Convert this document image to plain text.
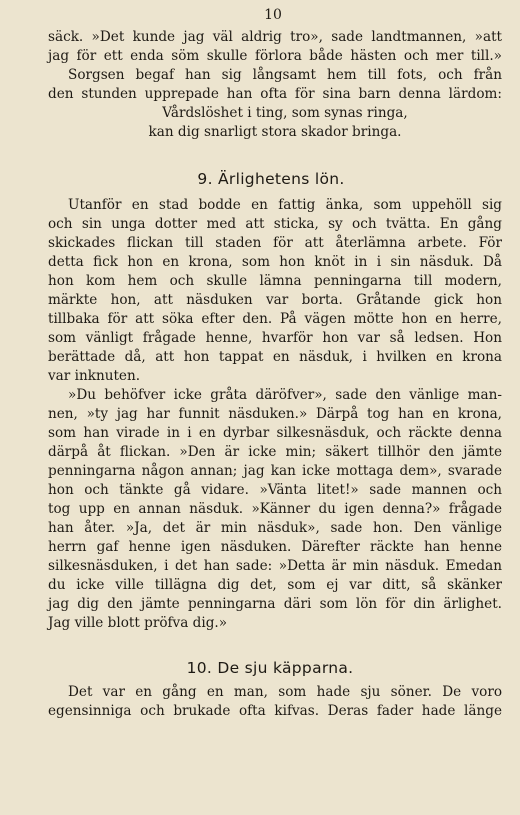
10
säck. »Det kunde jag väl aldrig tro», sade landtmannen, »att
jag för ett enda söm skulle förlora både hästen och mer till.»
Sorgsen begaf han sig långsamt hem till fots, och från
den stunden upprepade han ofta för sina barn denna lärdom:
Vårdslöshet i ting, som synas ringa,
kan dig snarligt stora skador bringa.
9. Ärlighetens lön.
Utanför en stad bodde en fattig änka, som uppehöll sig
och sin unga dotter med att sticka, sy och tvätta. En gång
skickades flickan till staden för att återlämna arbete. För
detta fick hon en krona, som hon knöt in i sin näsduk. Då
hon kom hem och skulle lämna penningarna till modern,
märkte hon, att näsduken var borta. Gråtande gick hon
tillbaka för att söka efter den. På vägen mötte hon en herre,
som vänligt frågade henne, hvarför hon var så ledsen. Hon
berättade då, att hon tappat en näsduk, i hvilken en krona
var inknuten.
»Du behöfver icke gråta däröfver», sade den vänlige man-
nen, »ty jag har funnit näsduken.» Därpå tog han en krona,
som han virade in i en dyrbar silkesnäsduk, och räckte denna
därpå åt flickan. »Den är icke min; säkert tillhör den jämte
penningarna någon annan; jag kan icke mottaga dem», svarade
hon och tänkte gå vidare. »Vänta litet!» sade mannen och
tog upp en annan näsduk. »Känner du igen denna?» frågade
han åter. »Ja, det är min näsduk», sade hon. Den vänlige
herrn gaf henne igen näsduken. Därefter räckte han henne
silkesnäsduken, i det han sade: »Detta är min näsduk. Emedan
du icke ville tillägna dig det, som ej var ditt, så skänker
jag dig den jämte penningarna däri som lön för din ärlighet.
Jag ville blott pröfva dig.»
10. De sju käpparna.
Det var en gång en man, som hade sju söner. De voro
egensinniga och brukade ofta kifvas. Deras fader hade länge
